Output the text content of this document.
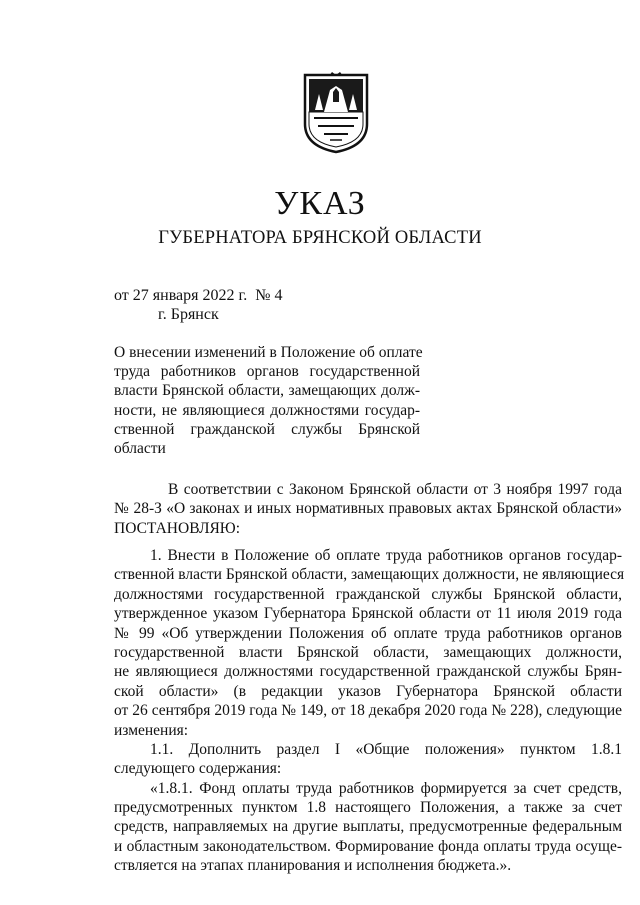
УКАЗ
ГУБЕРНАТОРА БРЯНСКОЙ ОБЛАСТИ
от 27 января 2022 г.  № 4
г. Брянск
О внесении изменений в Положение об оплате
труда работников органов государственной
власти Брянской области, замещающих долж-
ности, не являющиеся должностями государ-
ственной гражданской службы Брянской
области
В соответствии с Законом Брянской области от 3 ноября 1997 года
№ 28-З «О законах и иных нормативных правовых актах Брянской области»
ПОСТАНОВЛЯЮ:
1. Внести в Положение об оплате труда работников органов государ-
ственной власти Брянской области, замещающих должности, не являющиеся
должностями государственной гражданской службы Брянской области,
утвержденное указом Губернатора Брянской области от 11 июля 2019 года
№ 99 «Об утверждении Положения об оплате труда работников органов
государственной власти Брянской области, замещающих должности,
не являющиеся должностями государственной гражданской службы Брян-
ской области» (в редакции указов Губернатора Брянской области
от 26 сентября 2019 года № 149, от 18 декабря 2020 года № 228), следующие
изменения:
1.1. Дополнить раздел I «Общие положения» пунктом 1.8.1
следующего содержания:
«1.8.1. Фонд оплаты труда работников формируется за счет средств,
предусмотренных пунктом 1.8 настоящего Положения, а также за счет
средств, направляемых на другие выплаты, предусмотренные федеральным
и областным законодательством. Формирование фонда оплаты труда осуще-
ствляется на этапах планирования и исполнения бюджета.».
